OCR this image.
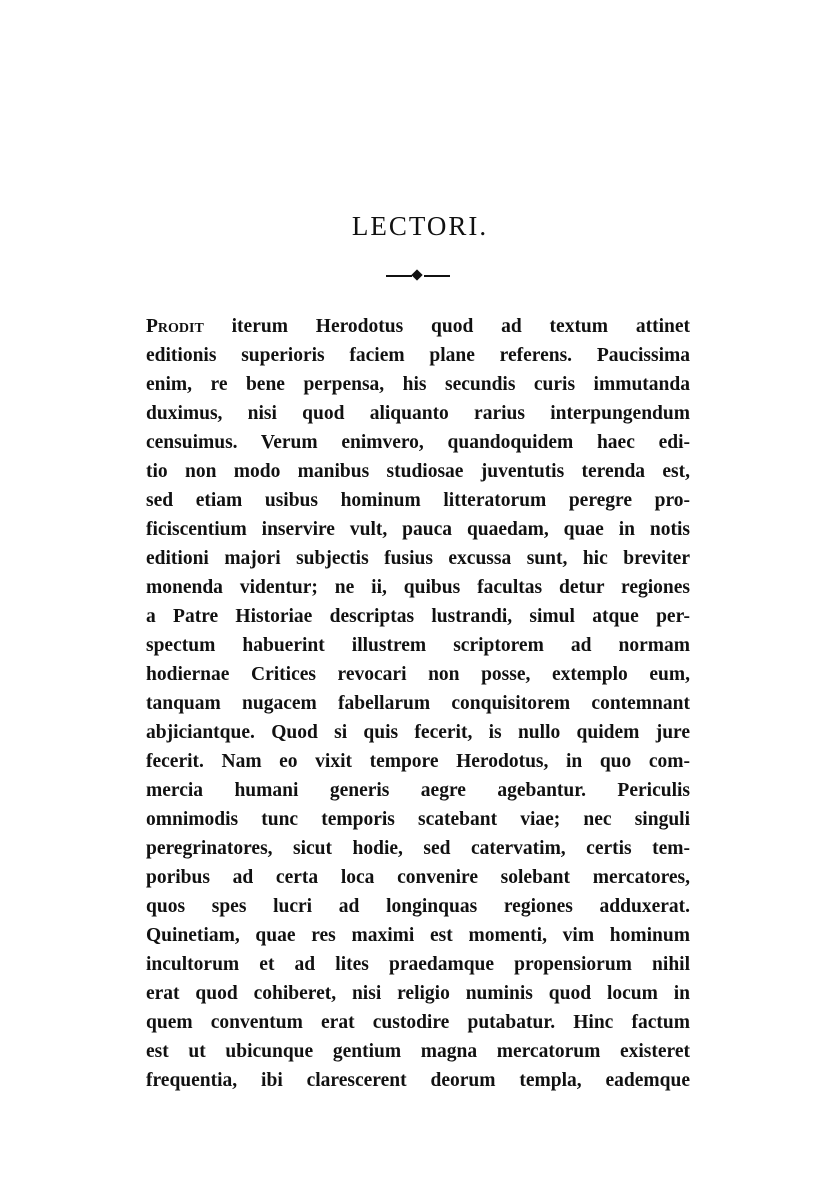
LECTORI.
Prodit iterum Herodotus quod ad textum attinet
editionis superioris faciem plane referens. Paucissima
enim, re bene perpensa, his secundis curis immutanda
duximus, nisi quod aliquanto rarius interpungendum
censuimus. Verum enimvero, quandoquidem haec edi-
tio non modo manibus studiosae juventutis terenda est,
sed etiam usibus hominum litteratorum peregre pro-
ficiscentium inservire vult, pauca quaedam, quae in notis
editioni majori subjectis fusius excussa sunt, hic breviter
monenda videntur; ne ii, quibus facultas detur regiones
a Patre Historiae descriptas lustrandi, simul atque per-
spectum habuerint illustrem scriptorem ad normam
hodiernae Critices revocari non posse, extemplo eum,
tanquam nugacem fabellarum conquisitorem contemnant
abjiciantque. Quod si quis fecerit, is nullo quidem jure
fecerit. Nam eo vixit tempore Herodotus, in quo com-
mercia humani generis aegre agebantur. Periculis
omnimodis tunc temporis scatebant viae; nec singuli
peregrinatores, sicut hodie, sed catervatim, certis tem-
poribus ad certa loca convenire solebant mercatores,
quos spes lucri ad longinquas regiones adduxerat.
Quinetiam, quae res maximi est momenti, vim hominum
incultorum et ad lites praedamque propensiorum nihil
erat quod cohiberet, nisi religio numinis quod locum in
quem conventum erat custodire putabatur. Hinc factum
est ut ubicunque gentium magna mercatorum existeret
frequentia, ibi clarescerent deorum templa, eademque
